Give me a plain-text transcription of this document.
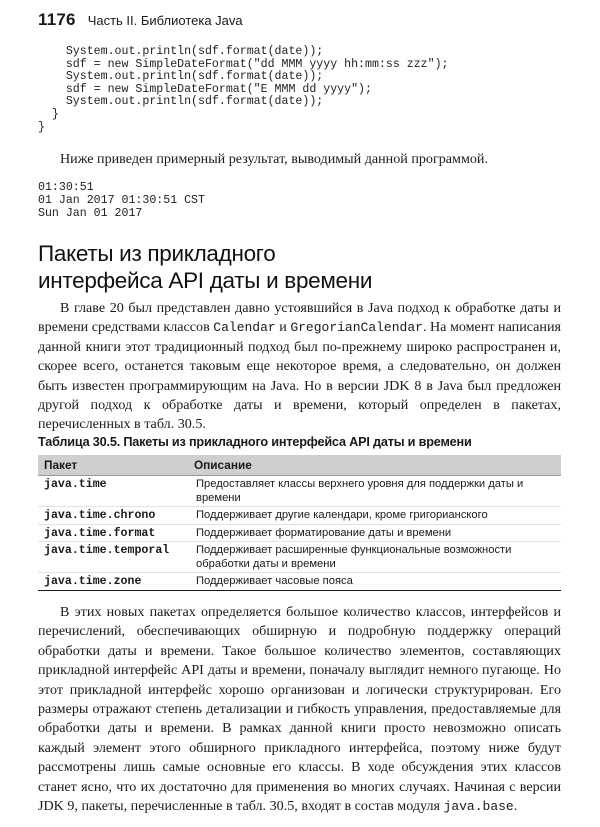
1176 Часть II. Библиотека Java
System.out.println(sdf.format(date));
sdf = new SimpleDateFormat("dd MMM yyyy hh:mm:ss zzz");
System.out.println(sdf.format(date));
sdf = new SimpleDateFormat("E MMM dd yyyy");
System.out.println(sdf.format(date));
}
}

Ниже приведен примерный результат, выводимый данной программой.

01:30:51
01 Jan 2017 01:30:51 CST
Sun Jan 01 2017
Пакеты из прикладного
интерфейса API даты и времени

В главе 20 был представлен давно устоявшийся в Java подход к обработке даты и времени средствами классов Calendar и GregorianCalendar. На момент написания данной книги этот традиционный подход был по-прежнему широко распространен и, скорее всего, останется таковым еще некоторое время, а следовательно, он должен быть известен программирующим на Java. Но в версии JDK 8 в Java был предложен другой подход к обработке даты и времени, который определен в пакетах, перечисленных в табл. 30.5.

Таблица 30.5. Пакеты из прикладного интерфейса API даты и времени
Пакет	Описание
java.time	Предоставляет классы верхнего уровня для поддержки даты и времени
java.time.chrono	Поддерживает другие календари, кроме григорианского
java.time.format	Поддерживает форматирование даты и времени
java.time.temporal	Поддерживает расширенные функциональные возможности обработки даты и времени
java.time.zone	Поддерживает часовые пояса

В этих новых пакетах определяется большое количество классов, интерфейсов и перечислений, обеспечивающих обширную и подробную поддержку операций обработки даты и времени. Такое большое количество элементов, составляющих прикладной интерфейс API даты и времени, поначалу выглядит немного пугающе. Но этот прикладной интерфейс хорошо организован и логически структурирован. Его размеры отражают степень детализации и гибкость управления, предоставляемые для обработки даты и времени. В рамках данной книги просто невозможно описать каждый элемент этого обширного прикладного интерфейса, поэтому ниже будут рассмотрены лишь самые основные его классы. В ходе обсуждения этих классов станет ясно, что их достаточно для применения во многих случаях. Начиная с версии JDK 9, пакеты, перечисленные в табл. 30.5, входят в состав модуля java.base.
